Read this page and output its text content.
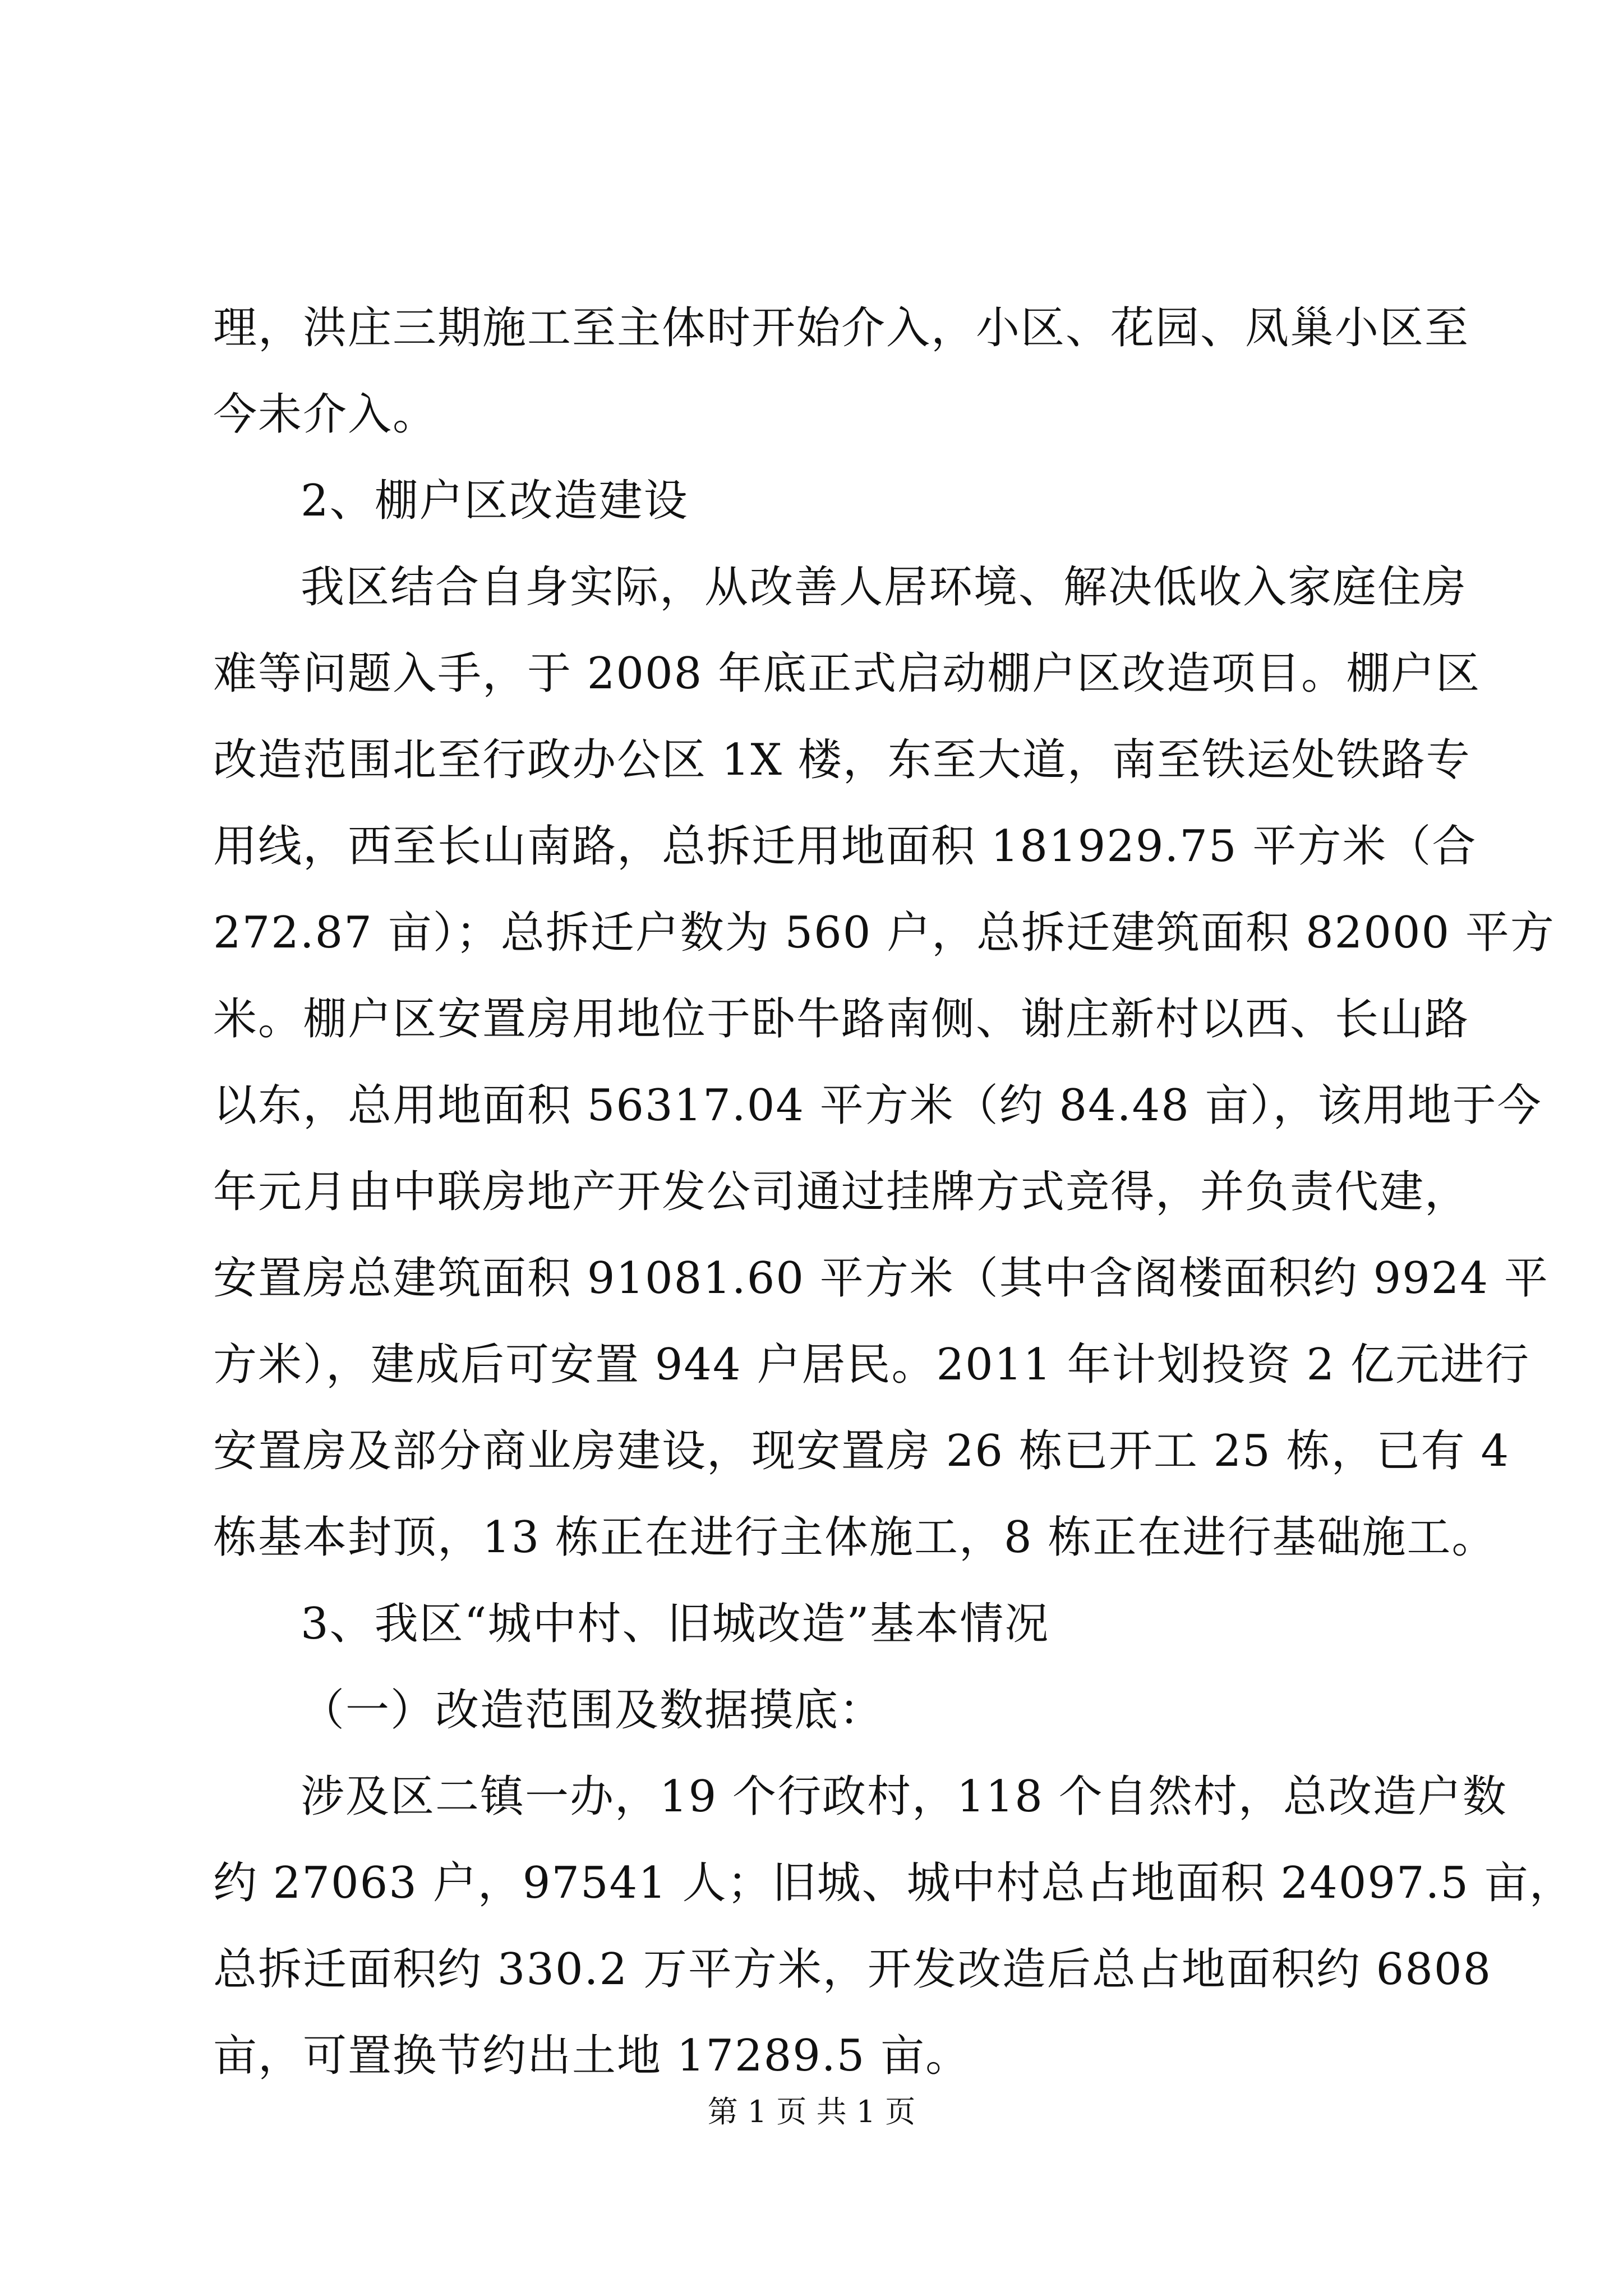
理，洪庄三期施工至主体时开始介入，小区、花园、凤巢小区至
今未介入。
2、棚户区改造建设
我区结合自身实际，从改善人居环境、解决低收入家庭住房
难等问题入手，于 2008 年底正式启动棚户区改造项目。棚户区
改造范围北至行政办公区 1X 楼，东至大道，南至铁运处铁路专
用线，西至长山南路，总拆迁用地面积 181929.75 平方米（合
272.87 亩）；总拆迁户数为 560 户，总拆迁建筑面积 82000 平方
米。棚户区安置房用地位于卧牛路南侧、谢庄新村以西、长山路
以东，总用地面积 56317.04 平方米（约 84.48 亩），该用地于今
年元月由中联房地产开发公司通过挂牌方式竞得，并负责代建，
安置房总建筑面积 91081.60 平方米（其中含阁楼面积约 9924 平
方米），建成后可安置 944 户居民。2011 年计划投资 2 亿元进行
安置房及部分商业房建设，现安置房 26 栋已开工 25 栋，已有 4
栋基本封顶，13 栋正在进行主体施工，8 栋正在进行基础施工。
3、我区“城中村、旧城改造”基本情况
（一）改造范围及数据摸底：
涉及区二镇一办，19 个行政村，118 个自然村，总改造户数
约 27063 户，97541 人；旧城、城中村总占地面积 24097.5 亩，
总拆迁面积约 330.2 万平方米，开发改造后总占地面积约 6808
亩，可置换节约出土地 17289.5 亩。
第 1 页 共 1 页
